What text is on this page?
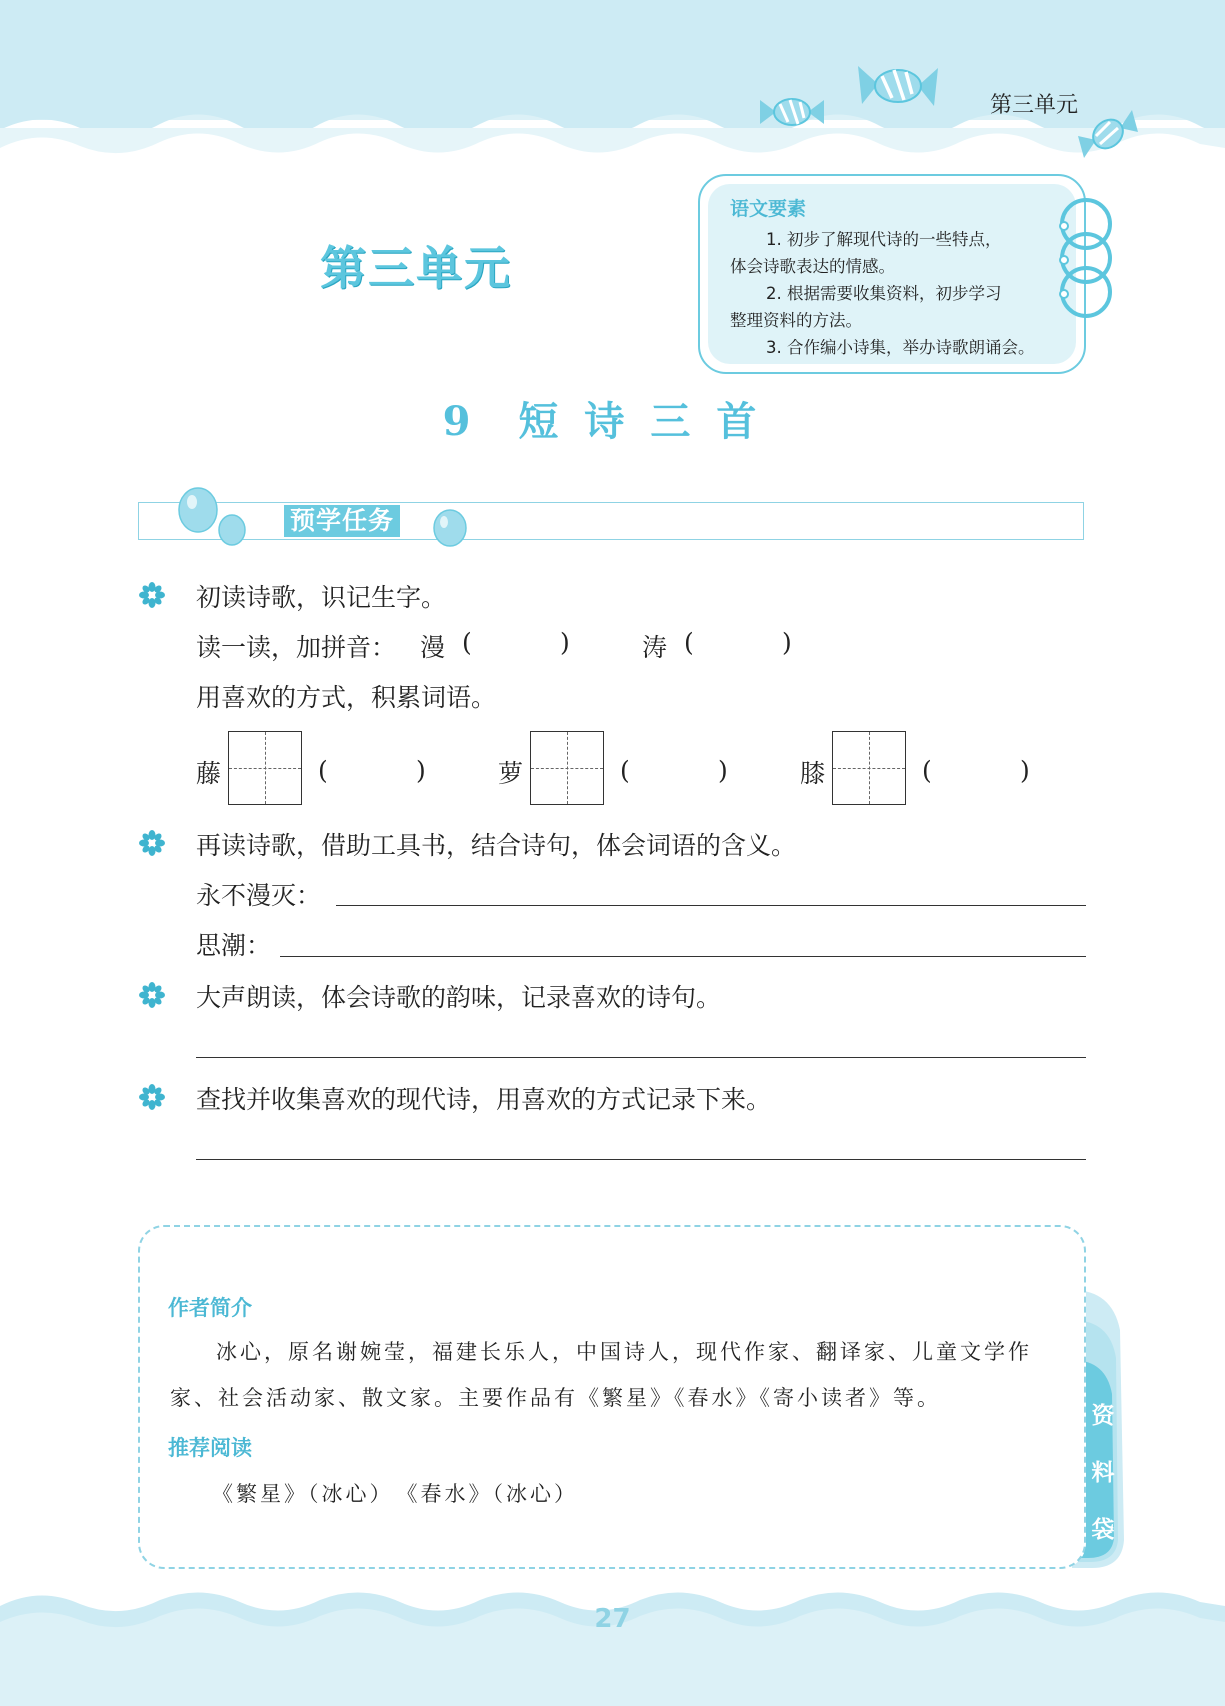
第三单元
第三单元
语文要素
1. 初步了解现代诗的一些特点，
体会诗歌表达的情感。
2. 根据需要收集资料，初步学习
整理资料的方法。
3. 合作编小诗集，举办诗歌朗诵会。
9 短诗三首
预学任务
初读诗歌，识记生字。
读一读，加拼音： 漫 (	)	涛 (	)
用喜欢的方式，积累词语。
藤	(	)	萝	(	)	膝	(	)
再读诗歌，借助工具书，结合诗句，体会词语的含义。
永不漫灭：
思潮：
大声朗读，体会诗歌的韵味，记录喜欢的诗句。
查找并收集喜欢的现代诗，用喜欢的方式记录下来。
作者简介
冰心，原名谢婉莹，福建长乐人，中国诗人，现代作家、翻译家、儿童文学作
家、社会活动家、散文家。主要作品有《繁星》《春水》《寄小读者》等。
推荐阅读
《繁星》（冰心）　《春水》（冰心）
资
料
袋
27
